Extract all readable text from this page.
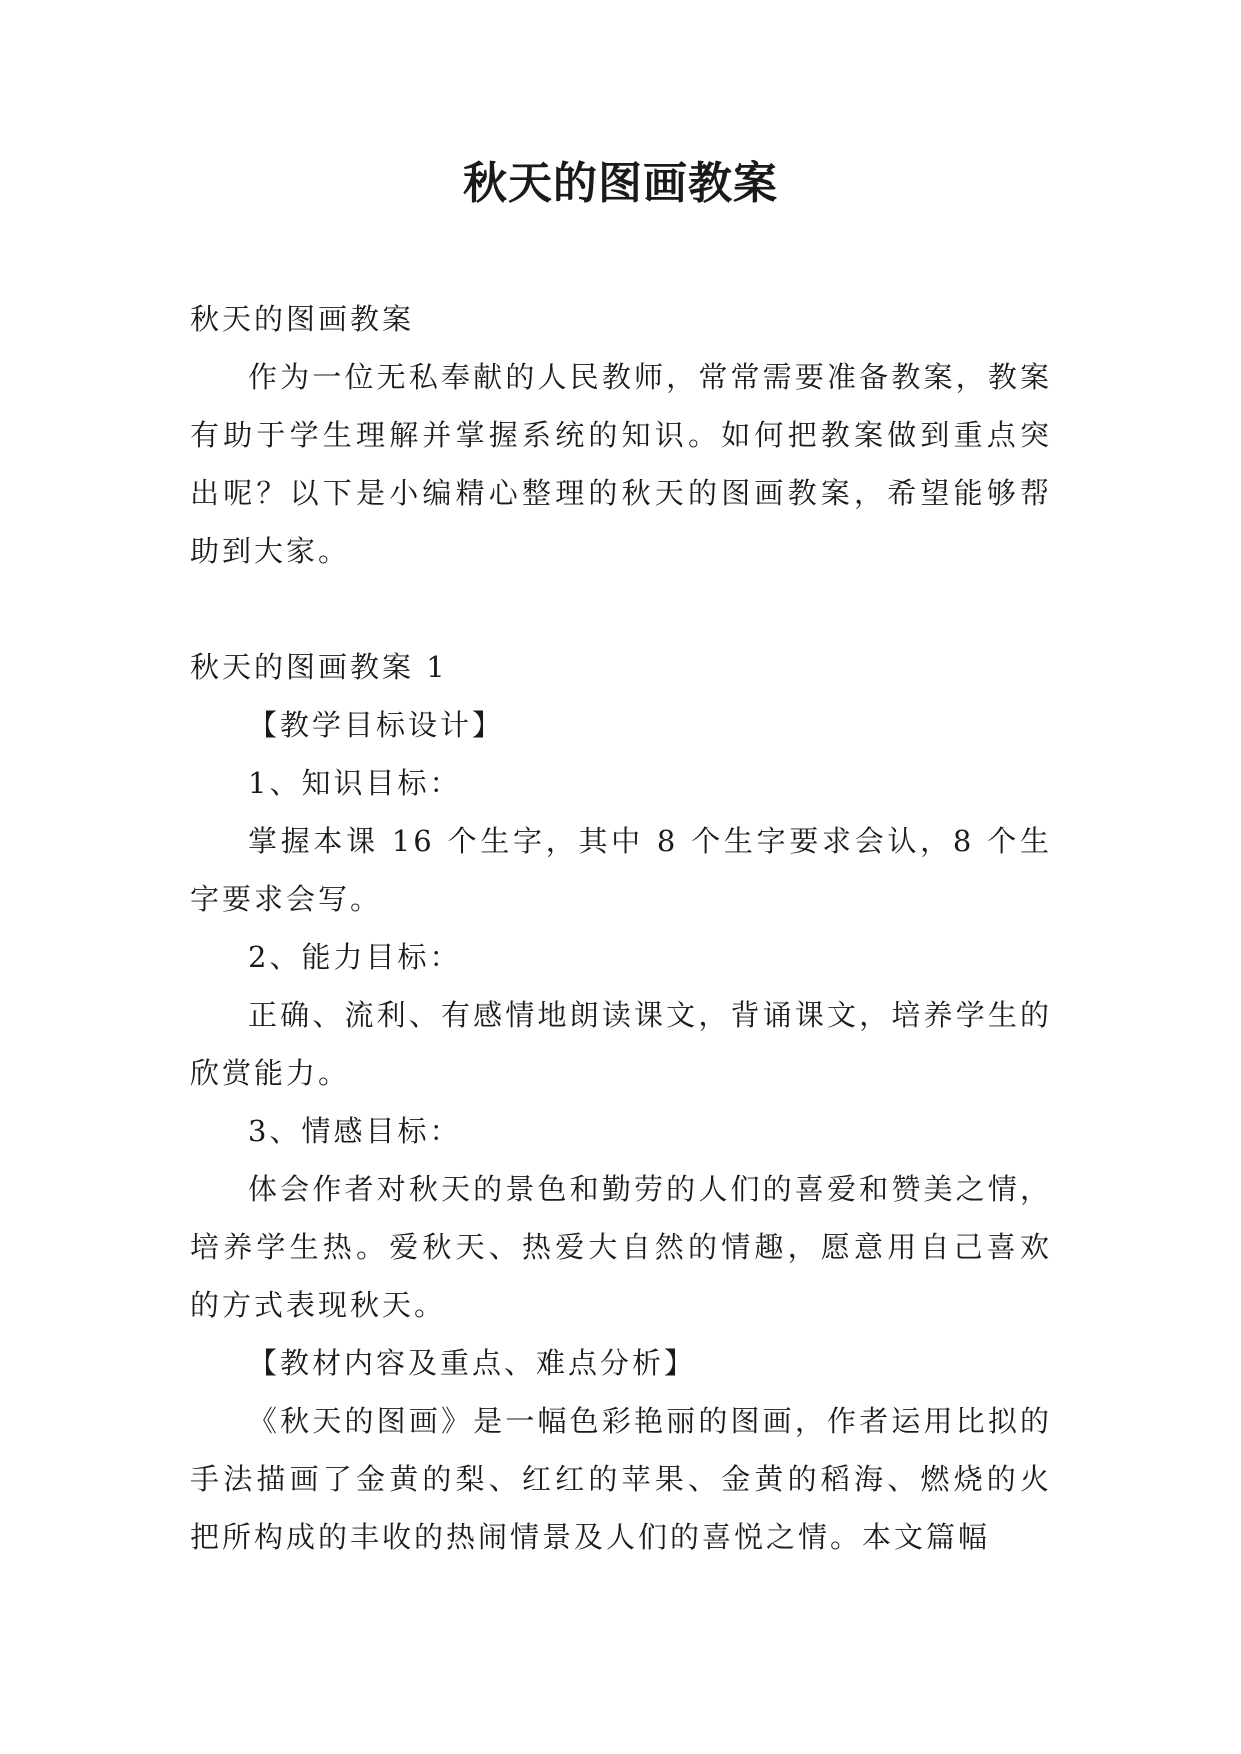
秋天的图画教案

秋天的图画教案

作为一位无私奉献的人民教师，常常需要准备教案，教案有助于学生理解并掌握系统的知识。如何把教案做到重点突出呢？以下是小编精心整理的秋天的图画教案，希望能够帮助到大家。

秋天的图画教案 1

【教学目标设计】

1、知识目标：

掌握本课 16 个生字，其中 8 个生字要求会认，8 个生字要求会写。

2、能力目标：

正确、流利、有感情地朗读课文，背诵课文，培养学生的欣赏能力。

3、情感目标：

体会作者对秋天的景色和勤劳的人们的喜爱和赞美之情，培养学生热。爱秋天、热爱大自然的情趣，愿意用自己喜欢的方式表现秋天。

【教材内容及重点、难点分析】

《秋天的图画》是一幅色彩艳丽的图画，作者运用比拟的手法描画了金黄的梨、红红的苹果、金黄的稻海、燃烧的火把所构成的丰收的热闹情景及人们的喜悦之情。本文篇幅
